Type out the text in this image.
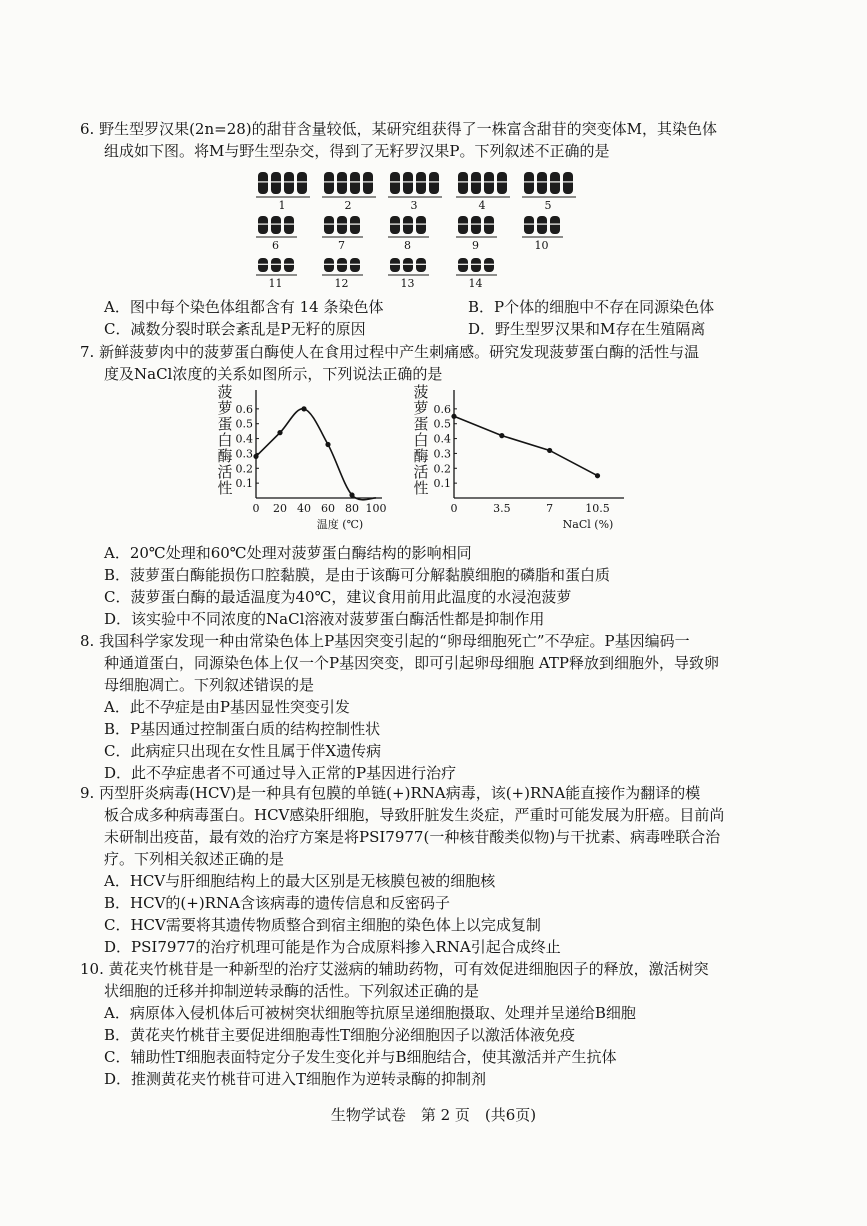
6. 野生型罗汉果(2n=28)的甜苷含量较低，某研究组获得了一株富含甜苷的突变体M，其染色体
组成如下图。将M与野生型杂交，得到了无籽罗汉果P。下列叙述不正确的是
1	2	3	4	5
6	7	8	9	10
11	12	13	14
A．图中每个染色体组都含有 14 条染色体	B．P个体的细胞中不存在同源染色体
C．减数分裂时联会紊乱是P无籽的原因	D．野生型罗汉果和M存在生殖隔离
7. 新鲜菠萝肉中的菠萝蛋白酶使人在食用过程中产生刺痛感。研究发现菠萝蛋白酶的活性与温
度及NaCl浓度的关系如图所示，下列说法正确的是
菠
萝
蛋
白
酶
活
性 0.1
0.2
0.3
0.4
0.5
0.6
0 20 40 60 80 100
温度 (℃)
菠
萝
蛋
白
酶
活
性 0.1
0.2
0.3
0.4
0.5
0.6
0	3.5	7	10.5
NaCl (%)
A．20℃处理和60℃处理对菠萝蛋白酶结构的影响相同
B．菠萝蛋白酶能损伤口腔黏膜，是由于该酶可分解黏膜细胞的磷脂和蛋白质
C．菠萝蛋白酶的最适温度为40℃，建议食用前用此温度的水浸泡菠萝
D．该实验中不同浓度的NaCl溶液对菠萝蛋白酶活性都是抑制作用
8. 我国科学家发现一种由常染色体上P基因突变引起的“卵母细胞死亡”不孕症。P基因编码一
种通道蛋白，同源染色体上仅一个P基因突变，即可引起卵母细胞 ATP释放到细胞外，导致卵
母细胞凋亡。下列叙述错误的是
A．此不孕症是由P基因显性突变引发
B．P基因通过控制蛋白质的结构控制性状
C．此病症只出现在女性且属于伴X遗传病
D．此不孕症患者不可通过导入正常的P基因进行治疗
9. 丙型肝炎病毒(HCV)是一种具有包膜的单链(+)RNA病毒，该(+)RNA能直接作为翻译的模
板合成多种病毒蛋白。HCV感染肝细胞，导致肝脏发生炎症，严重时可能发展为肝癌。目前尚
未研制出疫苗，最有效的治疗方案是将PSI7977(一种核苷酸类似物)与干扰素、病毒唑联合治
疗。下列相关叙述正确的是
A．HCV与肝细胞结构上的最大区别是无核膜包被的细胞核
B．HCV的(+)RNA含该病毒的遗传信息和反密码子
C．HCV需要将其遗传物质整合到宿主细胞的染色体上以完成复制
D．PSI7977的治疗机理可能是作为合成原料掺入RNA引起合成终止
10. 黄花夹竹桃苷是一种新型的治疗艾滋病的辅助药物，可有效促进细胞因子的释放，激活树突
状细胞的迁移并抑制逆转录酶的活性。下列叙述正确的是
A．病原体入侵机体后可被树突状细胞等抗原呈递细胞摄取、处理并呈递给B细胞
B．黄花夹竹桃苷主要促进细胞毒性T细胞分泌细胞因子以激活体液免疫
C．辅助性T细胞表面特定分子发生变化并与B细胞结合，使其激活并产生抗体
D．推测黄花夹竹桃苷可进入T细胞作为逆转录酶的抑制剂
生物学试卷　第 2 页　(共6页)
